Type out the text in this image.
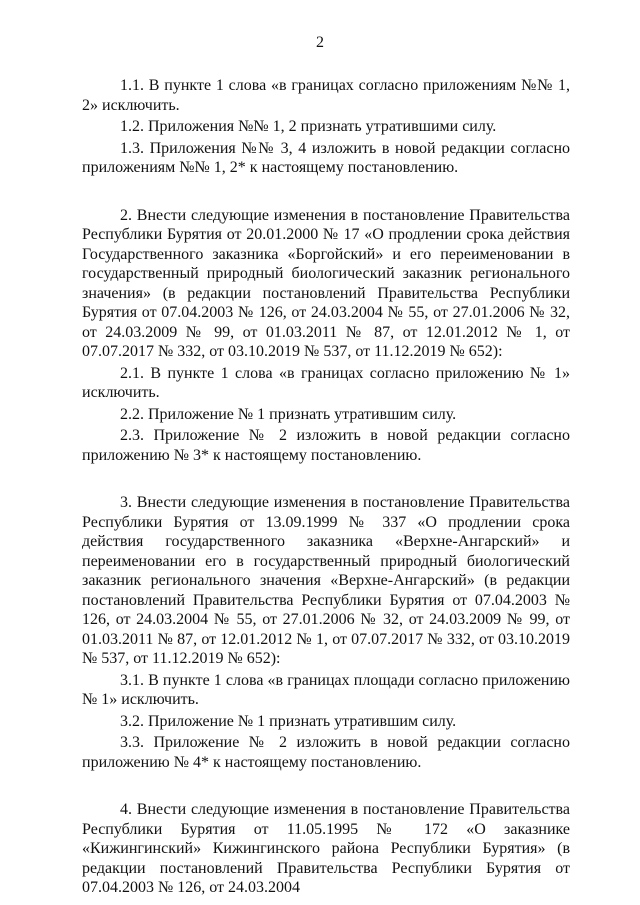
2

1.1. В пункте 1 слова «в границах согласно приложениям №№ 1, 2» исключить.

1.2. Приложения №№ 1, 2 признать утратившими силу.

1.3. Приложения №№ 3, 4 изложить в новой редакции согласно приложениям №№ 1, 2* к настоящему постановлению.

2. Внести следующие изменения в постановление Правительства Республики Бурятия от 20.01.2000 № 17 «О продлении срока действия Государственного заказника «Боргойский» и его переименовании в государственный природный биологический заказник регионального значения» (в редакции постановлений Правительства Республики Бурятия от 07.04.2003 № 126, от 24.03.2004 № 55, от 27.01.2006 № 32, от 24.03.2009 № 99, от 01.03.2011 № 87, от 12.01.2012 № 1, от 07.07.2017 № 332, от 03.10.2019 № 537, от 11.12.2019 № 652):

2.1. В пункте 1 слова «в границах согласно приложению № 1» исключить.

2.2. Приложение № 1 признать утратившим силу.

2.3. Приложение № 2 изложить в новой редакции согласно приложению № 3* к настоящему постановлению.

3. Внести следующие изменения в постановление Правительства Республики Бурятия от 13.09.1999 № 337 «О продлении срока действия государственного заказника «Верхне-Ангарский» и переименовании его в государственный природный биологический заказник регионального значения «Верхне-Ангарский» (в редакции постановлений Правительства Республики Бурятия от 07.04.2003 № 126, от 24.03.2004 № 55, от 27.01.2006 № 32, от 24.03.2009 № 99, от 01.03.2011 № 87, от 12.01.2012 № 1, от 07.07.2017 № 332, от 03.10.2019 № 537, от 11.12.2019 № 652):

3.1. В пункте 1 слова «в границах площади согласно приложению № 1» исключить.

3.2. Приложение № 1 признать утратившим силу.

3.3. Приложение № 2 изложить в новой редакции согласно приложению № 4* к настоящему постановлению.

4. Внести следующие изменения в постановление Правительства Республики Бурятия от 11.05.1995 № 172 «О заказнике «Кижингинский» Кижингинского района Республики Бурятия» (в редакции постановлений Правительства Республики Бурятия от 07.04.2003 № 126, от 24.03.2004
